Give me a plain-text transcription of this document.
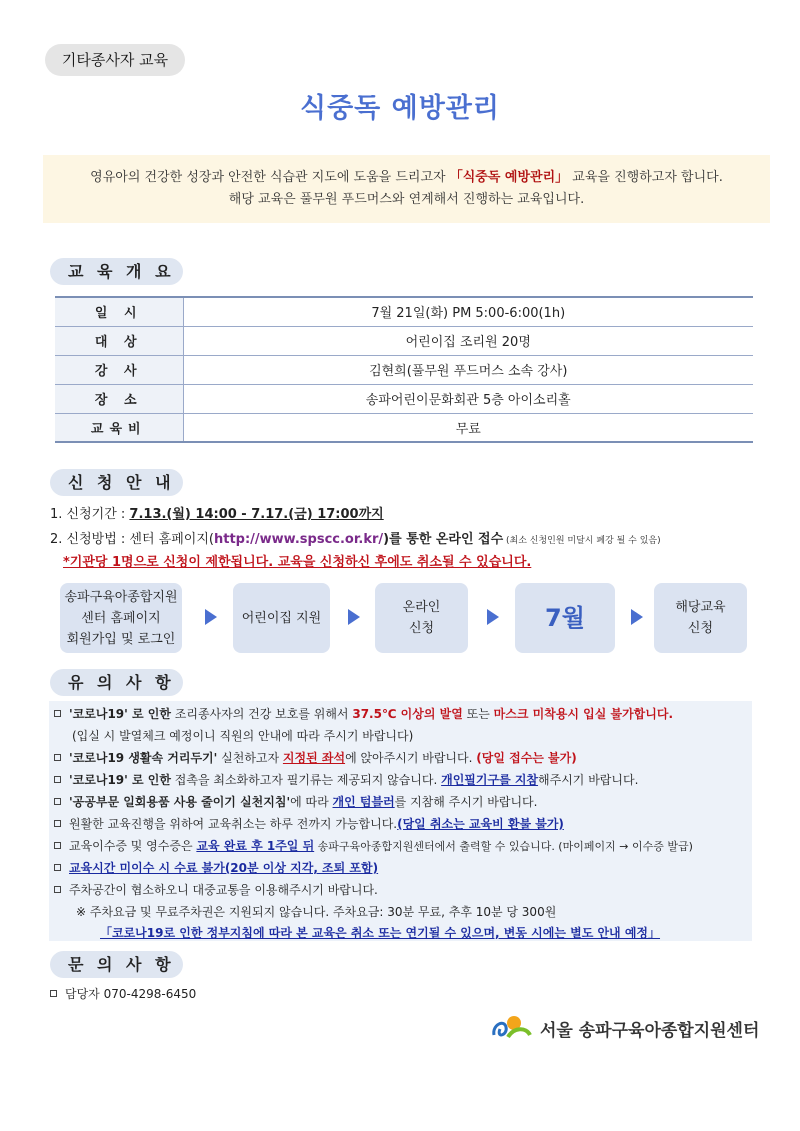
기타종사자 교육
식중독 예방관리
영유아의 건강한 성장과 안전한 식습관 지도에 도움을 드리고자 「식중독 예방관리」 교육을 진행하고자 합니다.
해당 교육은 풀무원 푸드머스와 연계해서 진행하는 교육입니다.
교 육 개 요
일 시	7월 21일(화) PM 5:00-6:00(1h)
대 상	어린이집 조리원 20명
강 사	김현희(풀무원 푸드머스 소속 강사)
장 소	송파어린이문화회관 5층 아이소리홀
교육비	무료
신 청 안 내
1. 신청기간 : 7.13.(월) 14:00 - 7.17.(금) 17:00까지
2. 신청방법 : 센터 홈페이지(http://www.spscc.or.kr/)를 통한 온라인 접수 (최소 신청인원 미달시 폐강 될 수 있음)
*기관당 1명으로 신청이 제한됩니다. 교육을 신청하신 후에도 취소될 수 있습니다.
송파구육아종합지원
센터 홈페이지
회원가입 및 로그인
어린이집 지원
온라인
신청	7월	해당교육
신청
유 의 사 항
'코로나19' 로 인한 조리종사자의 건강 보호를 위해서 37.5℃ 이상의 발열 또는 마스크 미착용시 입실 불가합니다.
(입실 시 발열체크 예정이니 직원의 안내에 따라 주시기 바랍니다)
'코로나19 생활속 거리두기' 실천하고자 지정된 좌석에 앉아주시기 바랍니다. (당일 접수는 불가)
'코로나19' 로 인한 접촉을 최소화하고자 필기류는 제공되지 않습니다. 개인필기구를 지참해주시기 바랍니다.
'공공부문 일회용품 사용 줄이기 실천지침'에 따라 개인 텀블러를 지참해 주시기 바랍니다.
원활한 교육진행을 위하여 교육취소는 하루 전까지 가능합니다.(당일 취소는 교육비 환불 불가)
교육이수증 및 영수증은 교육 완료 후 1주일 뒤 송파구육아종합지원센터에서 출력할 수 있습니다. (마이페이지 → 이수증 발급)
교육시간 미이수 시 수료 불가(20분 이상 지각, 조퇴 포함)
주차공간이 협소하오니 대중교통을 이용해주시기 바랍니다.
※ 주차요금 및 무료주차권은 지원되지 않습니다. 주차요금: 30분 무료, 추후 10분 당 300원
「코로나19로 인한 정부지침에 따라 본 교육은 취소 또는 연기될 수 있으며, 변동 시에는 별도 안내 예정」
문 의 사 항
담당자 070-4298-6450
서울 송파구육아종합지원센터
